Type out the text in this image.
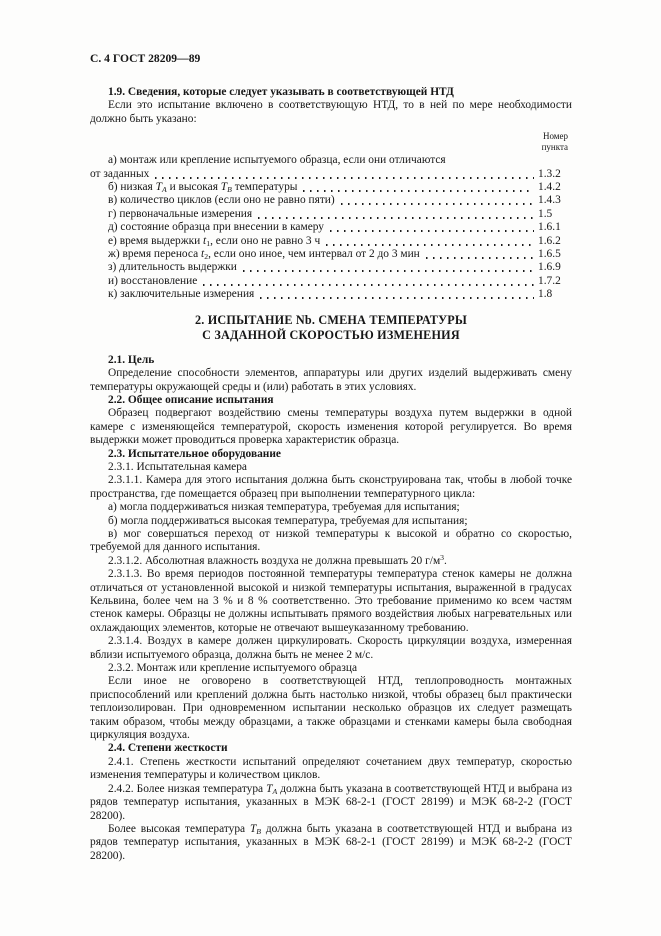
С. 4 ГОСТ 28209—89
1.9. Сведения, которые следует указывать в соответствующей НТД

Если это испытание включено в соответствующую НТД, то в ней по мере необходимости должно быть указано:

Номер
пункта
а) монтаж или крепление испытуемого образца, если они отличаются
от заданных	1.3.2
б) низкая $Т_А$ и высокая $Т_В$ температуры	1.4.2
в) количество циклов (если оно не равно пяти)	1.4.3
г) первоначальные измерения	1.5
д) состояние образца при внесении в камеру	1.6.1
е) время выдержки $t_1$, если оно не равно 3 ч	1.6.2
ж) время переноса $t_2$, если оно иное, чем интервал от 2 до 3 мин	1.6.5
з) длительность выдержки	1.6.9
и) восстановление	1.7.2
к) заключительные измерения	1.8
2. ИСПЫТАНИЕ Nb. СМЕНА ТЕМПЕРАТУРЫ
С ЗАДАННОЙ СКОРОСТЬЮ ИЗМЕНЕНИЯ

2.1. Цель

Определение способности элементов, аппаратуры или других изделий выдерживать смену температуры окружающей среды и (или) работать в этих условиях.

2.2. Общее описание испытания

Образец подвергают воздействию смены температуры воздуха путем выдержки в одной камере с изменяющейся температурой, скорость изменения которой регулируется. Во время выдержки может проводиться проверка характеристик образца.

2.3. Испытательное оборудование

2.3.1. Испытательная камера

2.3.1.1. Камера для этого испытания должна быть сконструирована так, чтобы в любой точке пространства, где помещается образец при выполнении температурного цикла:

а) могла поддерживаться низкая температура, требуемая для испытания;

б) могла поддерживаться высокая температура, требуемая для испытания;

в) мог совершаться переход от низкой температуры к высокой и обратно со скоростью, требуемой для данного испытания.

2.3.1.2. Абсолютная влажность воздуха не должна превышать 20 $г/м^3$.

2.3.1.3. Во время периодов постоянной температуры температура стенок камеры не должна отличаться от установленной высокой и низкой температуры испытания, выраженной в градусах Кельвина, более чем на 3 % и 8 % соответственно. Это требование применимо ко всем частям стенок камеры. Образцы не должны испытывать прямого воздействия любых нагревательных или охлаждающих элементов, которые не отвечают вышеуказанному требованию.

2.3.1.4. Воздух в камере должен циркулировать. Скорость циркуляции воздуха, измеренная вблизи испытуемого образца, должна быть не менее 2 м/с.

2.3.2. Монтаж или крепление испытуемого образца

Если иное не оговорено в соответствующей НТД, теплопроводность монтажных приспособлений или креплений должна быть настолько низкой, чтобы образец был практически теплоизолирован. При одновременном испытании несколько образцов их следует размещать таким образом, чтобы между образцами, а также образцами и стенками камеры была свободная циркуляция воздуха.

2.4. Степени жесткости

2.4.1. Степень жесткости испытаний определяют сочетанием двух температур, скоростью изменения температуры и количеством циклов.

2.4.2. Более низкая температура $Т_А$ должна быть указана в соответствующей НТД и выбрана из рядов температур испытания, указанных в МЭК 68-2-1 (ГОСТ 28199) и МЭК 68-2-2 (ГОСТ 28200).

Более высокая температура $Т_В$ должна быть указана в соответствующей НТД и выбрана из рядов температур испытания, указанных в МЭК 68-2-1 (ГОСТ 28199) и МЭК 68-2-2 (ГОСТ 28200).
